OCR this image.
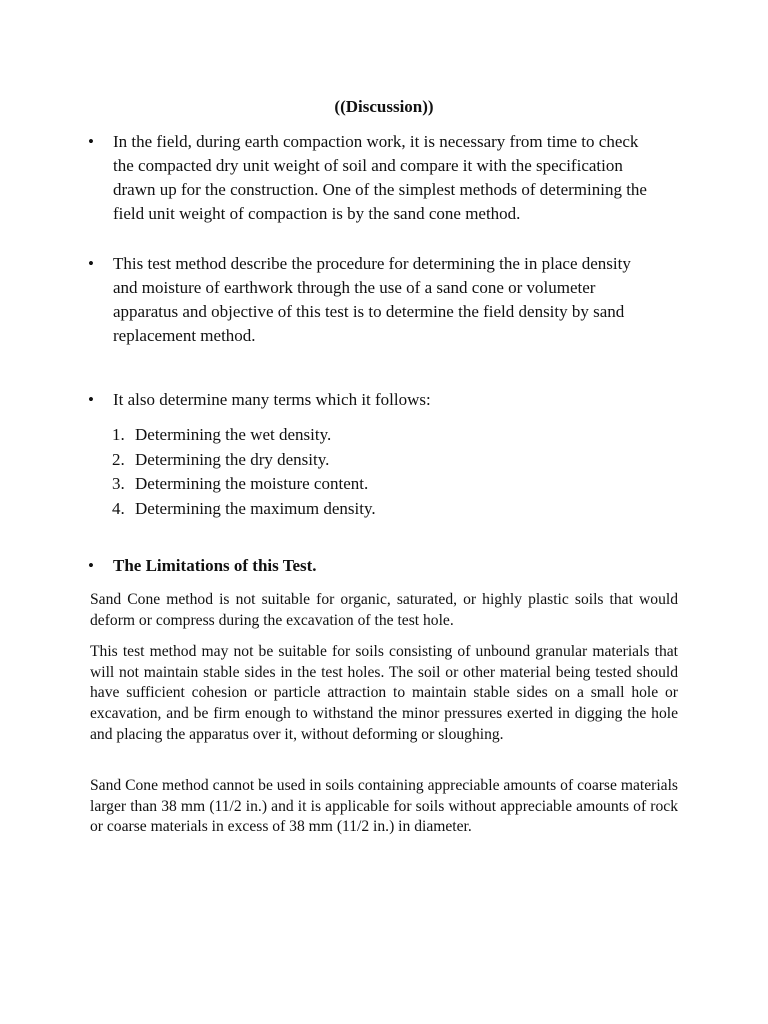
((Discussion))
•	In the field, during earth compaction work, it is necessary from time to check the compacted dry unit weight of soil and compare it with the specification drawn up for the construction. One of the simplest methods of determining the field unit weight of compaction is by the sand cone method.
•	This test method describe the procedure for determining the in place density and moisture of earthwork through the use of a sand cone or volumeter apparatus and objective of this test is to determine the field density by sand replacement method.
•	It also determine many terms which it follows:
1. Determining the wet density.
2. Determining the dry density.
3. Determining the moisture content.
4. Determining the maximum density.
•	The Limitations of this Test.

Sand Cone method is not suitable for organic, saturated, or highly plastic soils that would deform or compress during the excavation of the test hole.

This test method may not be suitable for soils consisting of unbound granular materials that will not maintain stable sides in the test holes. The soil or other material being tested should have sufficient cohesion or particle attraction to maintain stable sides on a small hole or excavation, and be firm enough to withstand the minor pressures exerted in digging the hole and placing the apparatus over it, without deforming or sloughing.

Sand Cone method cannot be used in soils containing appreciable amounts of coarse materials larger than 38 mm (11/2 in.) and it is applicable for soils without appreciable amounts of rock or coarse materials in excess of 38 mm (11/2 in.) in diameter.
